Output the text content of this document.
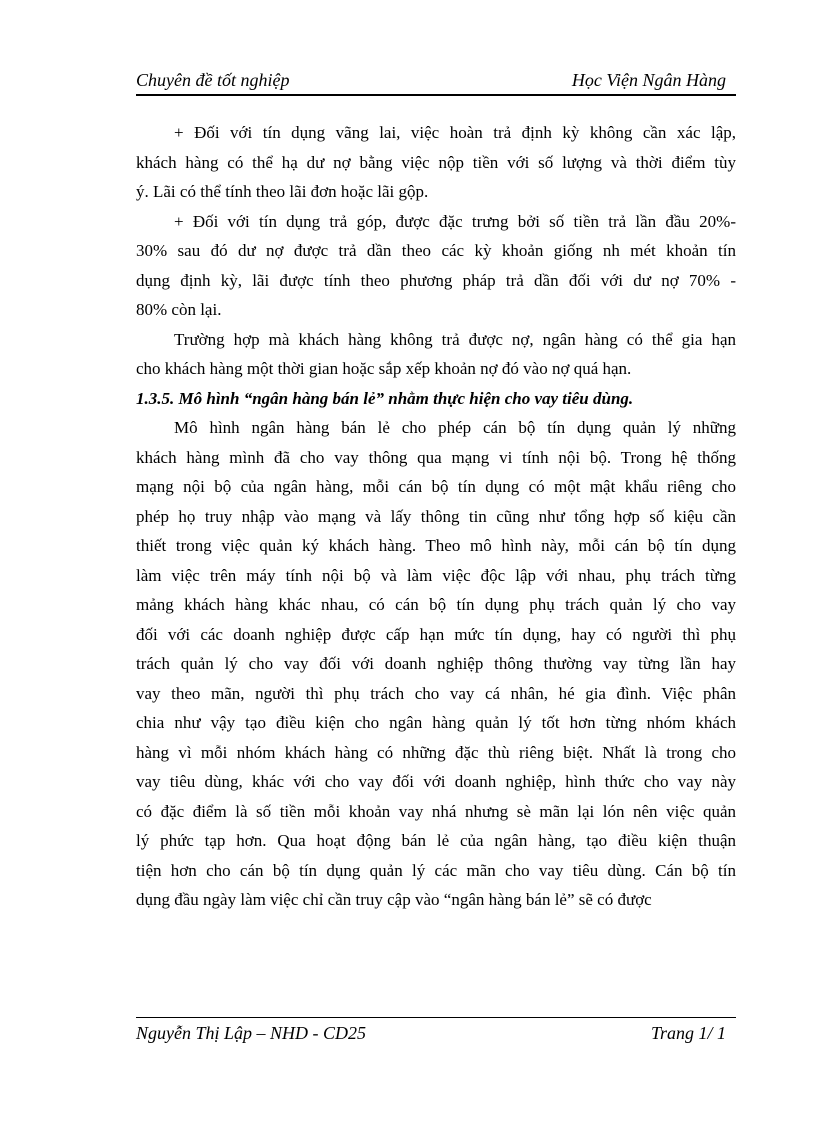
Chuyên đề tốt nghiệp	Học Viện Ngân Hàng
+ Đối với tín dụng vãng lai, việc hoàn trả định kỳ không cần xác lập,
khách hàng có thể hạ dư nợ bằng việc nộp tiền với số lượng và thời điểm tùy
ý. Lãi có thể tính theo lãi đơn hoặc lãi gộp.
+ Đối với tín dụng trả góp, được đặc trưng bởi số tiền trả lần đầu 20%-
30% sau đó dư nợ được trả dần theo các kỳ khoản giống nh mét khoản tín
dụng định kỳ, lãi được tính theo phương pháp trả dần đối với dư nợ 70% -
80% còn lại.
Trường hợp mà khách hàng không trả được nợ, ngân hàng có thể gia hạn
cho khách hàng một thời gian hoặc sắp xếp khoản nợ đó vào nợ quá hạn.
1.3.5. Mô hình “ngân hàng bán lẻ” nhằm thực hiện cho vay tiêu dùng.
Mô hình ngân hàng bán lẻ cho phép cán bộ tín dụng quản lý những
khách hàng mình đã cho vay thông qua mạng vi tính nội bộ. Trong hệ thống
mạng nội bộ của ngân hàng, mỗi cán bộ tín dụng có một mật khẩu riêng cho
phép họ truy nhập vào mạng và lấy thông tin cũng như tổng hợp số kiệu cần
thiết trong việc quản ký khách hàng. Theo mô hình này, mỗi cán bộ tín dụng
làm việc trên máy tính nội bộ và làm việc độc lập với nhau, phụ trách từng
mảng khách hàng khác nhau, có cán bộ tín dụng phụ trách quản lý cho vay
đối với các doanh nghiệp được cấp hạn mức tín dụng, hay có người thì phụ
trách quản lý cho vay đối với doanh nghiệp thông thường vay từng lần hay
vay theo mãn, người thì phụ trách cho vay cá nhân, hé gia đình. Việc phân
chia như vậy tạo điều kiện cho ngân hàng quản lý tốt hơn từng nhóm khách
hàng vì mỗi nhóm khách hàng có những đặc thù riêng biệt. Nhất là trong cho
vay tiêu dùng, khác với cho vay đối với doanh nghiệp, hình thức cho vay này
có đặc điểm là số tiền mỗi khoản vay nhá nhưng sè mãn lại lón nên việc quản
lý phức tạp hơn. Qua hoạt động bán lẻ của ngân hàng, tạo điều kiện thuận
tiện hơn cho cán bộ tín dụng quản lý các mãn cho vay tiêu dùng. Cán bộ tín
dụng đầu ngày làm việc chỉ cần truy cập vào “ngân hàng bán lẻ” sẽ có được
Nguyễn Thị Lập – NHD - CD25	Trang 1/ 1
